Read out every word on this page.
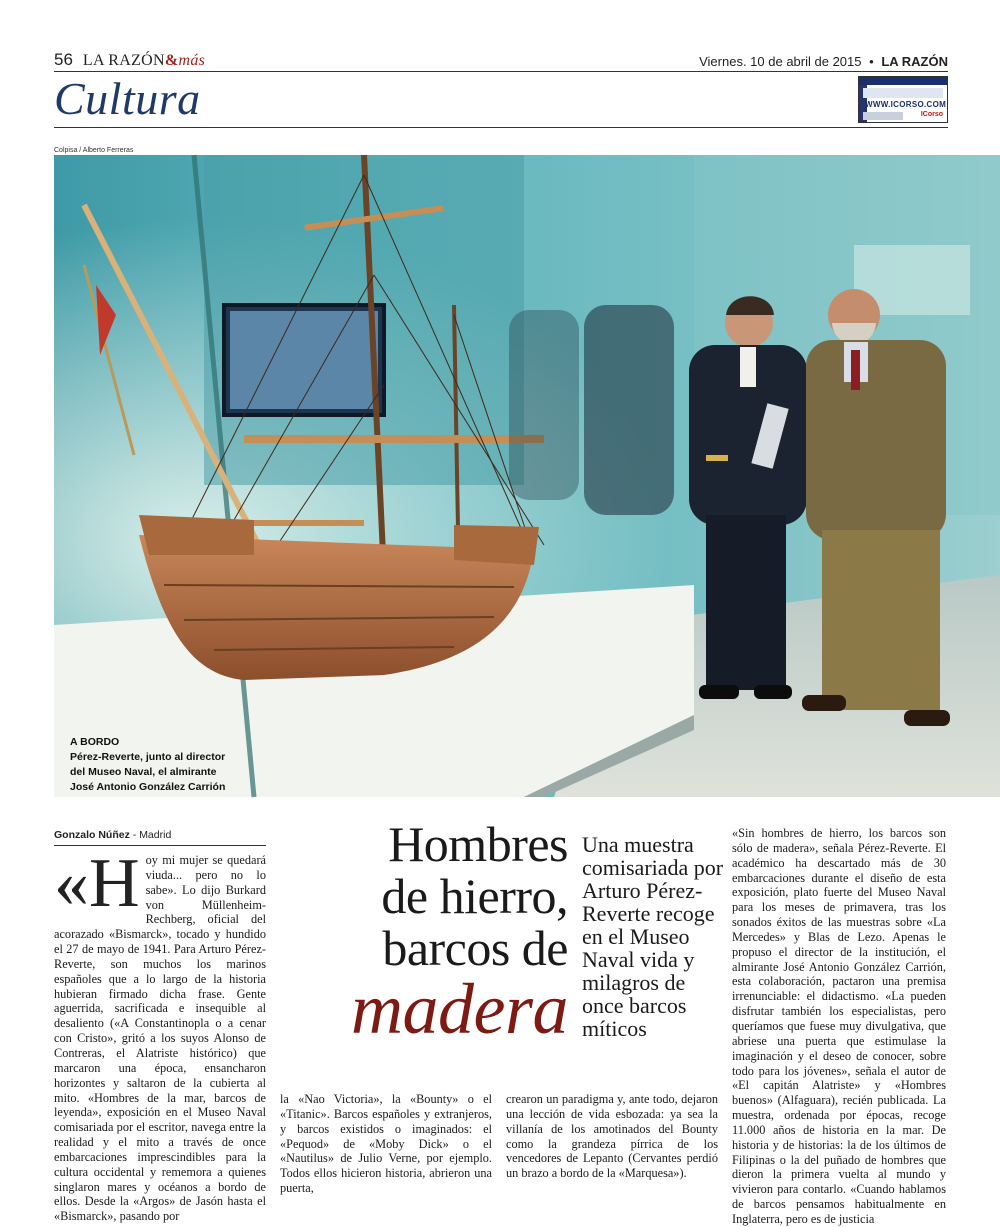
56 LA RAZÓN&más	Viernes. 10 de abril de 2015 • LA RAZÓN
Cultura	WWW.ICORSO.COM
ICorso
Colpisa / Alberto Ferreras
A BORDO
Pérez-Reverte, junto al director
del Museo Naval, el almirante
José Antonio González Carrión
Gonzalo Núñez - Madrid
«Hoy mi mujer se quedará viuda... pero no lo sabe». Lo dijo Burkard von Müllenheim-Rechberg, oficial del acorazado «Bismarck», tocado y hundido el 27 de mayo de 1941. Para Arturo Pérez-Reverte, son muchos los marinos españoles que a lo largo de la historia hubieran firmado dicha frase. Gente aguerrida, sacrificada e insequible al desaliento («A Constantinopla o a cenar con Cristo», gritó a los suyos Alonso de Contreras, el Alatriste histórico) que marcaron una época, ensancharon horizontes y saltaron de la cubierta al mito. «Hombres de la mar, barcos de leyenda», exposición en el Museo Naval comisariada por el escritor, navega entre la realidad y el mito a través de once embarcaciones imprescindibles para la cultura occidental y rememora a quienes singlaron mares y océanos a bordo de ellos. Desde la «Argos» de Jasón hasta el «Bismarck», pasando por
Hombres
de hierro,
barcos de
madera
Una muestra comisariada por Arturo Pérez-Reverte recoge en el Museo Naval vida y milagros de once barcos míticos
la «Nao Victoria», la «Bounty» o el «Titanic». Barcos españoles y extranjeros, y barcos existidos o imaginados: el «Pequod» de «Moby Dick» o el «Nautilus» de Julio Verne, por ejemplo. Todos ellos hicieron historia, abrieron una puerta,
crearon un paradigma y, ante todo, dejaron una lección de vida esbozada: ya sea la villanía de los amotinados del Bounty como la grandeza pírrica de los vencedores de Lepanto (Cervantes perdió un brazo a bordo de la «Marquesa»).
«Sin hombres de hierro, los barcos son sólo de madera», señala Pérez-Reverte. El académico ha descartado más de 30 embarcaciones durante el diseño de esta exposición, plato fuerte del Museo Naval para los meses de primavera, tras los sonados éxitos de las muestras sobre «La Mercedes» y Blas de Lezo. Apenas le propuso el director de la institución, el almirante José Antonio González Carrión, esta colaboración, pactaron una premisa irrenunciable: el didactismo. «La pueden disfrutar también los especialistas, pero queríamos que fuese muy divulgativa, que abriese una puerta que estimulase la imaginación y el deseo de conocer, sobre todo para los jóvenes», señala el autor de «El capitán Alatriste» y «Hombres buenos» (Alfaguara), recién publicada. La muestra, ordenada por épocas, recoge 11.000 años de historia en la mar. De historia y de historias: la de los últimos de Filipinas o la del puñado de hombres que dieron la primera vuelta al mundo y vivieron para contarlo. «Cuando hablamos de barcos pensamos habitualmente en Inglaterra, pero es de justicia
